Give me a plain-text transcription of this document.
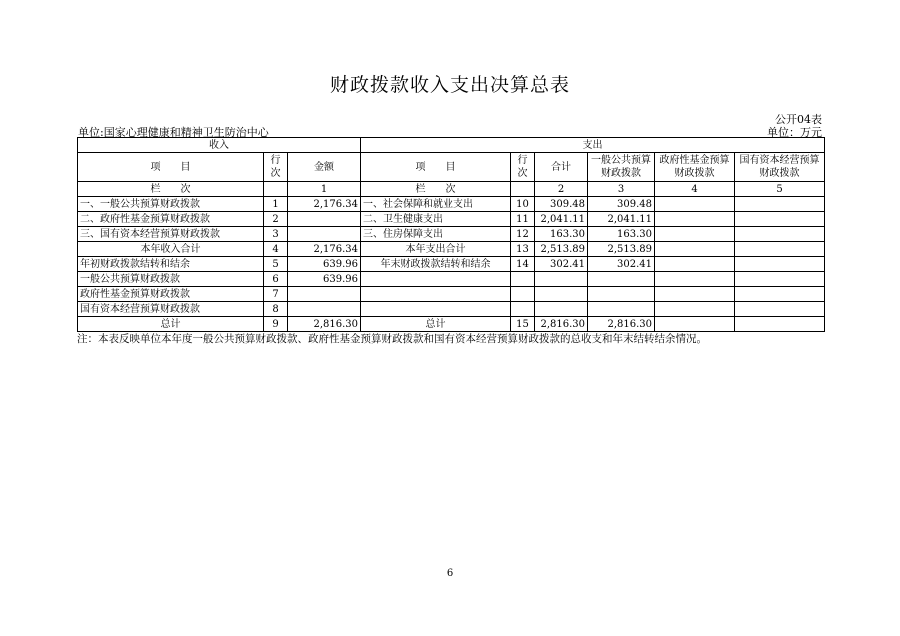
财政拨款收入支出决算总表
公开04表
单位:国家心理健康和精神卫生防治中心	单位：万元
收入			支出					
项　　目	行次	金额	项　　目	行次	合计	一般公共预算财政拨款	政府性基金预算财政拨款	国有资本经营预算财政拨款
栏　　次		1	栏　　次		2	3	4	5
一、一般公共预算财政拨款	1	2,176.34	一、社会保障和就业支出	10	309.48	309.48		
二、政府性基金预算财政拨款	2		二、卫生健康支出	11	2,041.11	2,041.11		
三、国有资本经营预算财政拨款	3		三、住房保障支出	12	163.30	163.30		
本年收入合计	4	2,176.34	本年支出合计	13	2,513.89	2,513.89		
年初财政拨款结转和结余	5	639.96	年末财政拨款结转和结余	14	302.41	302.41		
一般公共预算财政拨款	6	639.96						
政府性基金预算财政拨款	7							
国有资本经营预算财政拨款	8							
总计	9	2,816.30	总计	15	2,816.30	2,816.30		
注：本表反映单位本年度一般公共预算财政拨款、政府性基金预算财政拨款和国有资本经营预算财政拨款的总收支和年末结转结余情况。
6
